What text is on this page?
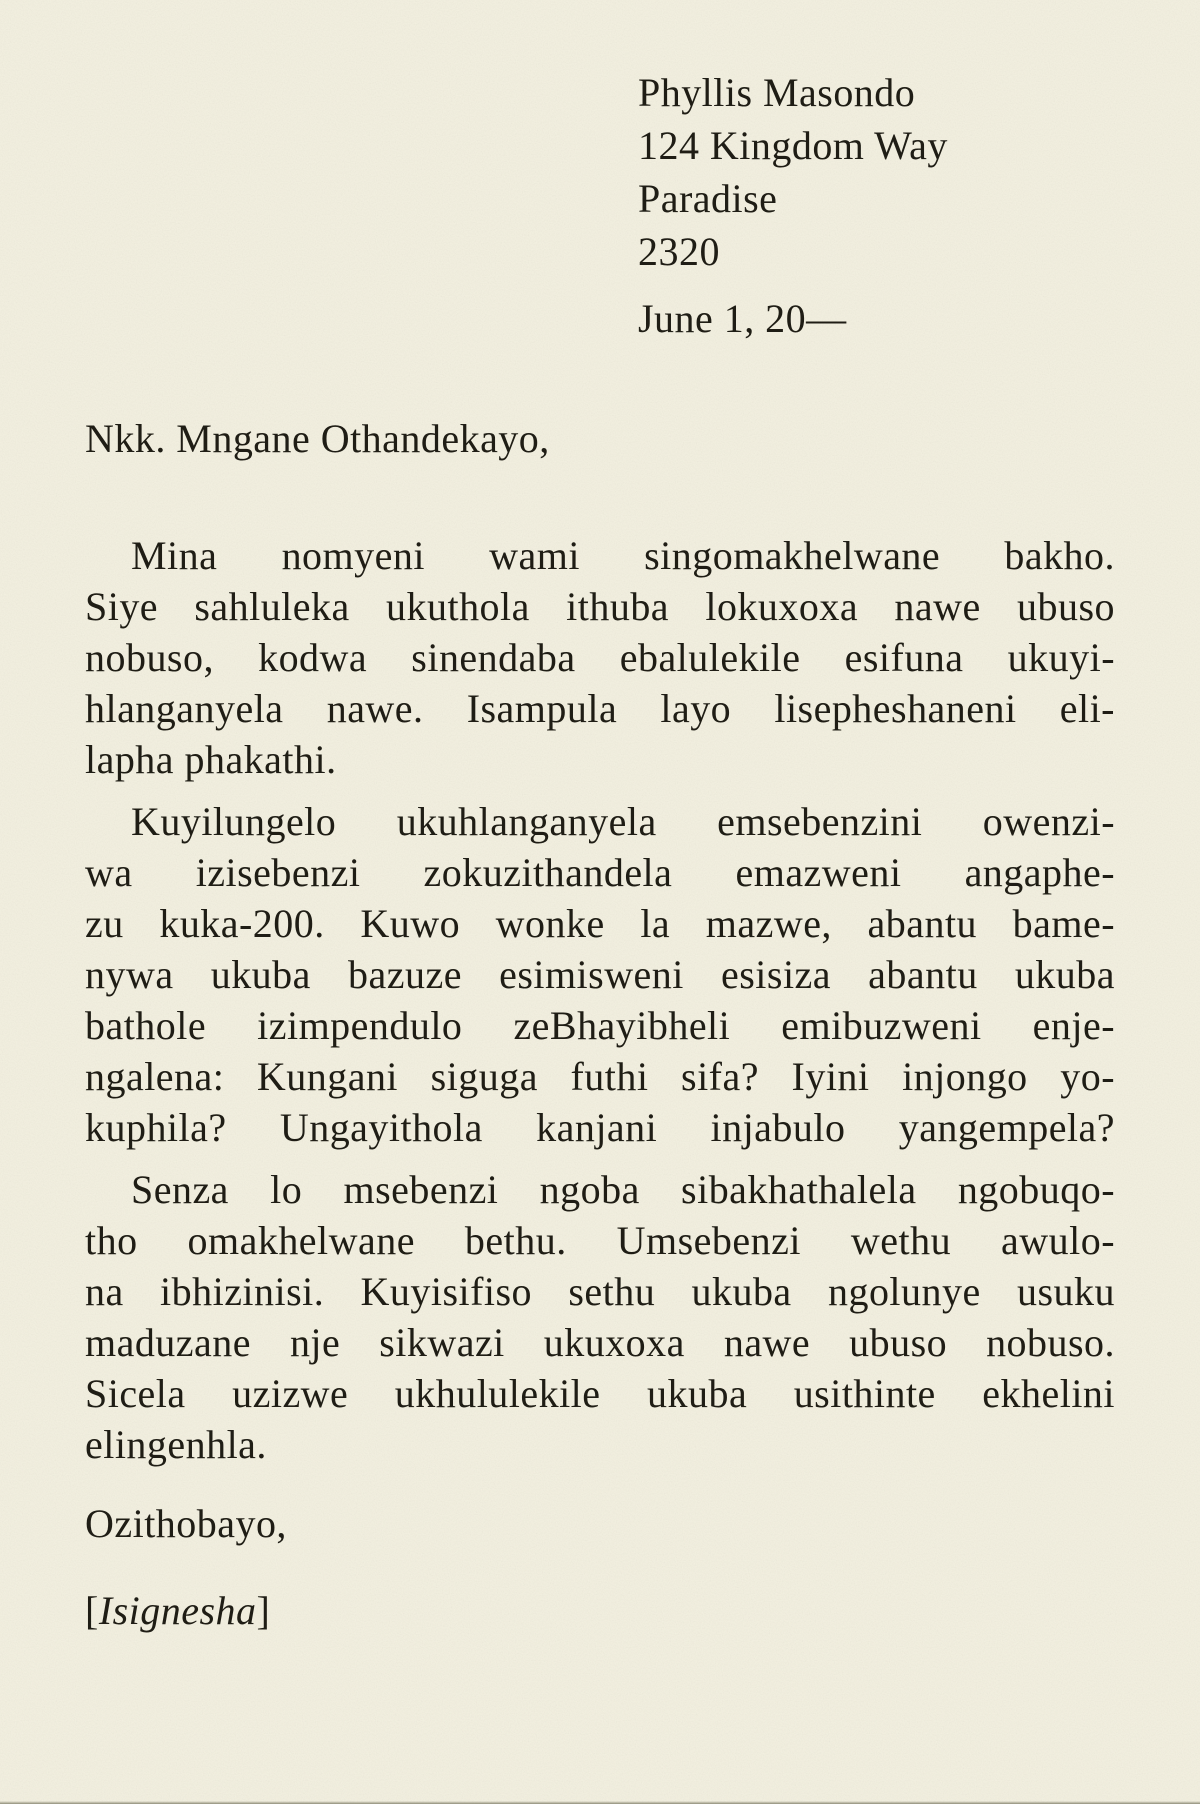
Phyllis Masondo
124 Kingdom Way
Paradise
2320
June 1, 20—
Nkk. Mngane Othandekayo,
Mina nomyeni wami singomakhelwane bakho.
Siye sahluleka ukuthola ithuba lokuxoxa nawe ubuso
nobuso, kodwa sinendaba ebalulekile esifuna ukuyi-
hlanganyela nawe. Isampula layo lisepheshaneni eli-
lapha phakathi.
Kuyilungelo ukuhlanganyela emsebenzini owenzi-
wa izisebenzi zokuzithandela emazweni angaphe-
zu kuka-200. Kuwo wonke la mazwe, abantu bame-
nywa ukuba bazuze esimisweni esisiza abantu ukuba
bathole izimpendulo zeBhayibheli emibuzweni enje-
ngalena: Kungani siguga futhi sifa? Iyini injongo yo-
kuphila? Ungayithola kanjani injabulo yangempela?
Senza lo msebenzi ngoba sibakhathalela ngobuqo-
tho omakhelwane bethu. Umsebenzi wethu awulo-
na ibhizinisi. Kuyisifiso sethu ukuba ngolunye usuku
maduzane nje sikwazi ukuxoxa nawe ubuso nobuso.
Sicela uzizwe ukhululekile ukuba usithinte ekhelini
elingenhla.
Ozithobayo,
[Isignesha]
